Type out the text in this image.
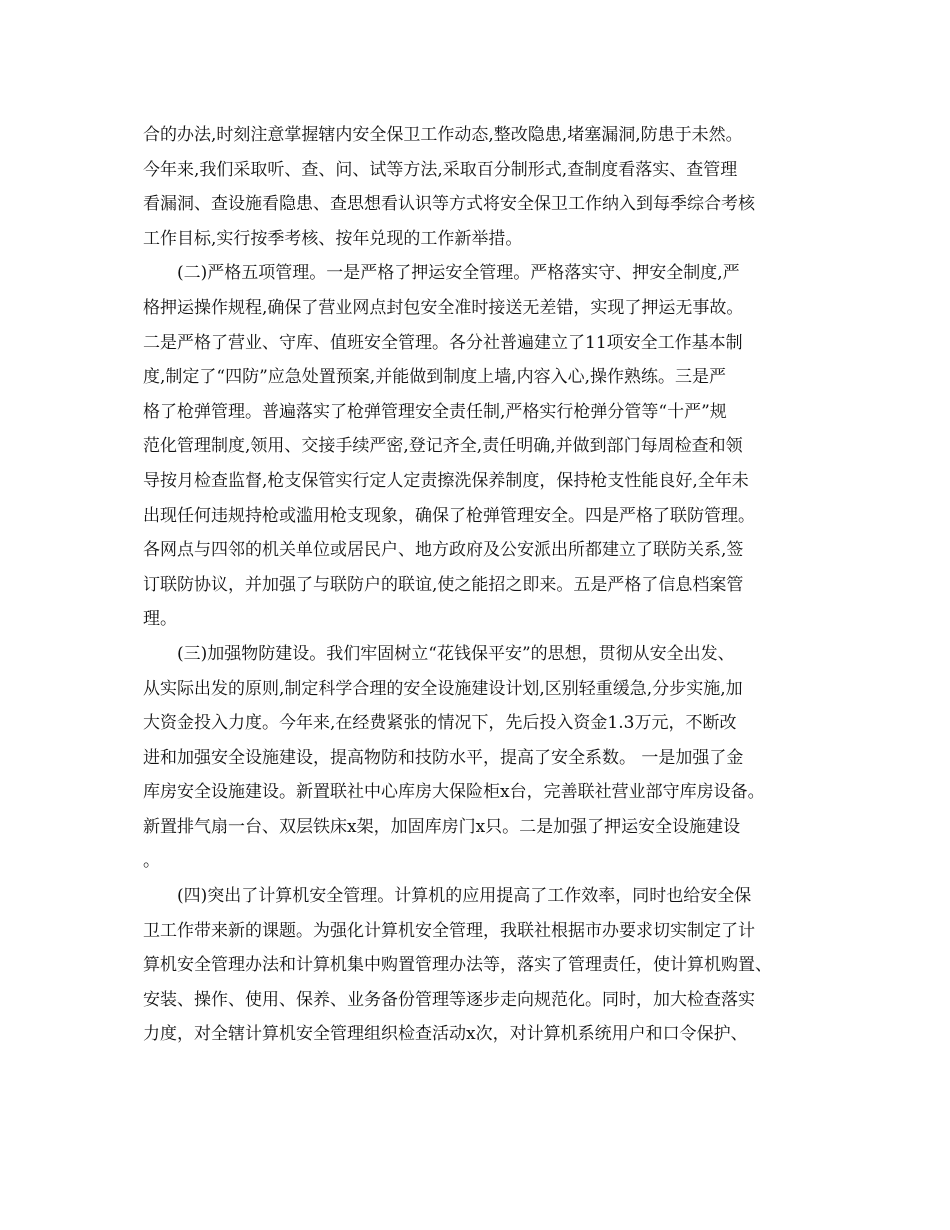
合的办法,时刻注意掌握辖内安全保卫工作动态,整改隐患,堵塞漏洞,防患于未然。
今年来,我们采取听、查、问、试等方法,采取百分制形式,查制度看落实、查管理
看漏洞、查设施看隐患、查思想看认识等方式将安全保卫工作纳入到每季综合考核
工作目标,实行按季考核、按年兑现的工作新举措。
(二)严格五项管理。一是严格了押运安全管理。严格落实守、押安全制度,严
格押运操作规程,确保了营业网点封包安全准时接送无差错，实现了押运无事故。
二是严格了营业、守库、值班安全管理。各分社普遍建立了11项安全工作基本制
度,制定了“四防”应急处置预案,并能做到制度上墙,内容入心,操作熟练。三是严
格了枪弹管理。普遍落实了枪弹管理安全责任制,严格实行枪弹分管等“十严”规
范化管理制度,领用、交接手续严密,登记齐全,责任明确,并做到部门每周检查和领
导按月检查监督,枪支保管实行定人定责擦洗保养制度，保持枪支性能良好,全年未
出现任何违规持枪或滥用枪支现象，确保了枪弹管理安全。四是严格了联防管理。
各网点与四邻的机关单位或居民户、地方政府及公安派出所都建立了联防关系,签
订联防协议，并加强了与联防户的联谊,使之能招之即来。五是严格了信息档案管
理。
(三)加强物防建设。我们牢固树立“花钱保平安”的思想，贯彻从安全出发、
从实际出发的原则,制定科学合理的安全设施建设计划,区别轻重缓急,分步实施,加
大资金投入力度。今年来,在经费紧张的情况下，先后投入资金1.3万元，不断改
进和加强安全设施建设，提高物防和技防水平，提高了安全系数。 一是加强了金
库房安全设施建设。新置联社中心库房大保险柜x台，完善联社营业部守库房设备。
新置排气扇一台、双层铁床x架，加固库房门x只。二是加强了押运安全设施建设
。
(四)突出了计算机安全管理。计算机的应用提高了工作效率，同时也给安全保
卫工作带来新的课题。为强化计算机安全管理，我联社根据市办要求切实制定了计
算机安全管理办法和计算机集中购置管理办法等，落实了管理责任，使计算机购置、
安装、操作、使用、保养、业务备份管理等逐步走向规范化。同时，加大检查落实
力度，对全辖计算机安全管理组织检查活动x次，对计算机系统用户和口令保护、
